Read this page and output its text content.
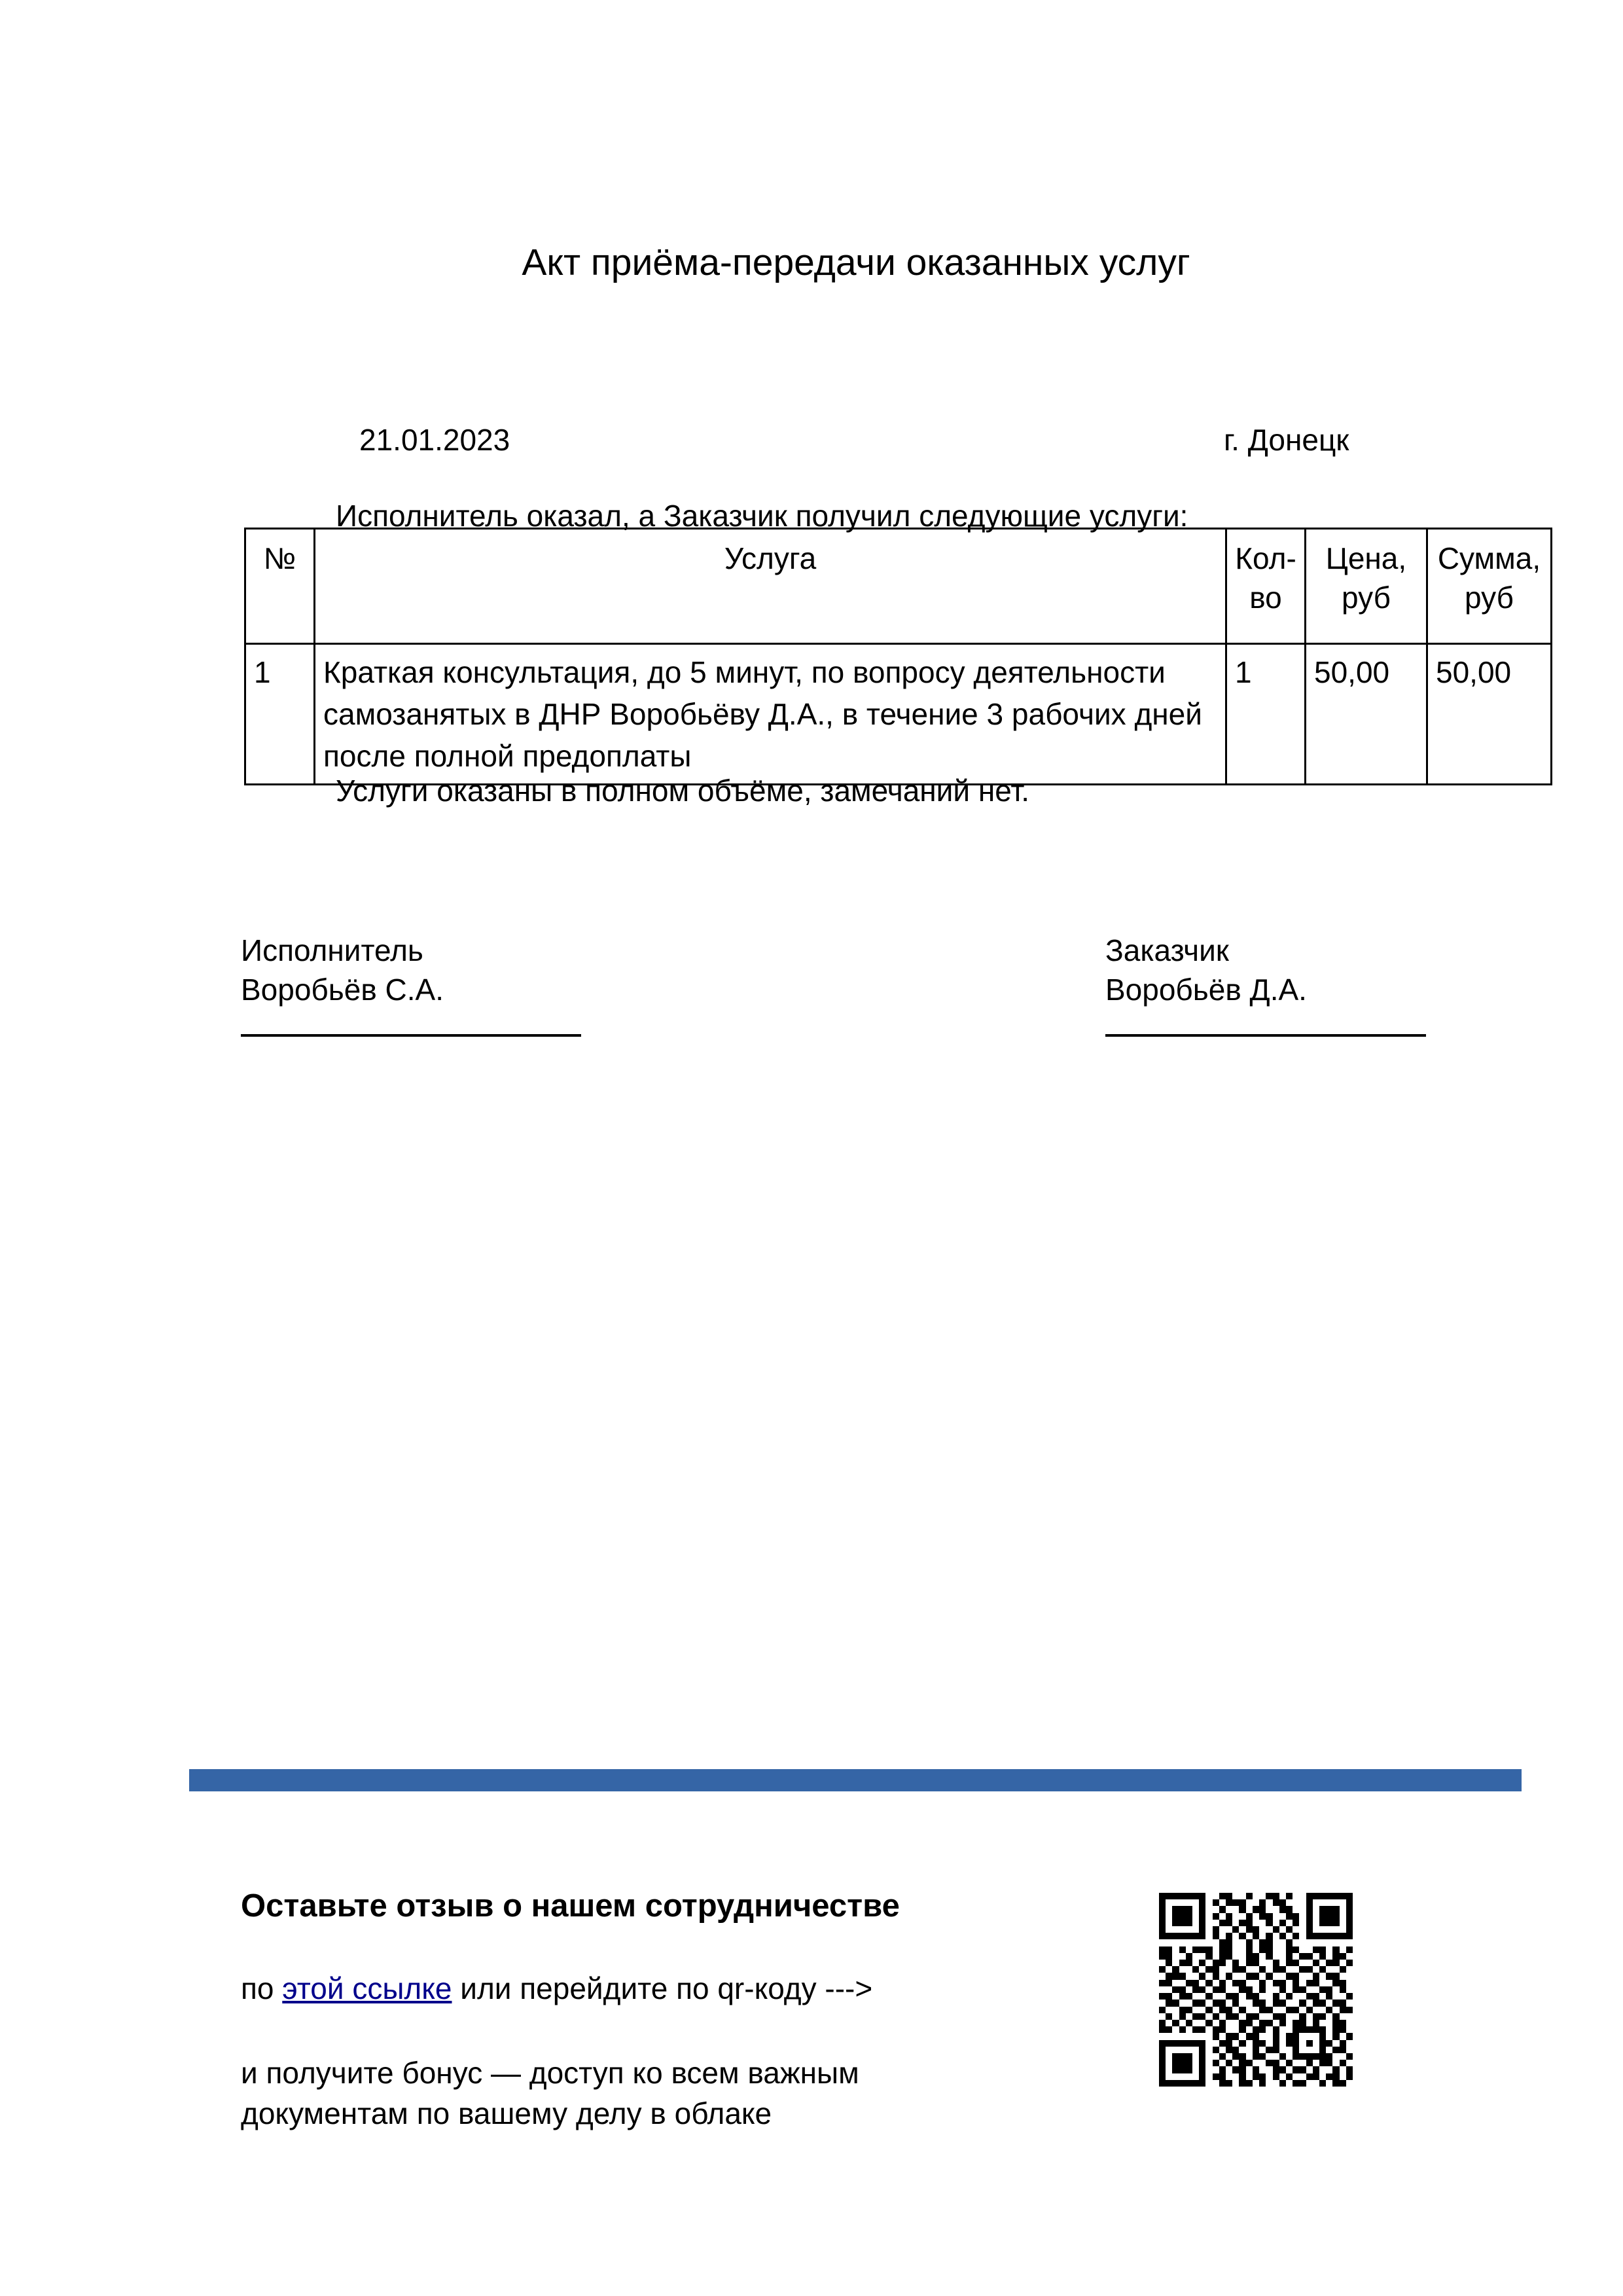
Акт приёма-передачи оказанных услуг
21.01.2023	г. Донецк
Исполнитель оказал, а Заказчик получил следующие услуги:
№	Услуга	Кол-во	Цена, руб	Сумма, руб
1	Краткая консультация, до 5 минут, по вопросу деятельности самозанятых в ДНР Воробьёву Д.А., в течение 3 рабочих дней после полной предоплаты	1	50,00	50,00
Услуги оказаны в полном объёме, замечаний нет.
Исполнитель
Воробьёв С.А.
Заказчик
Воробьёв Д.А.
Оставьте отзыв о нашем сотрудничестве
по этой ссылке или перейдите по qr-коду --->
и получите бонус — доступ ко всем важным документам по вашему делу в облаке
